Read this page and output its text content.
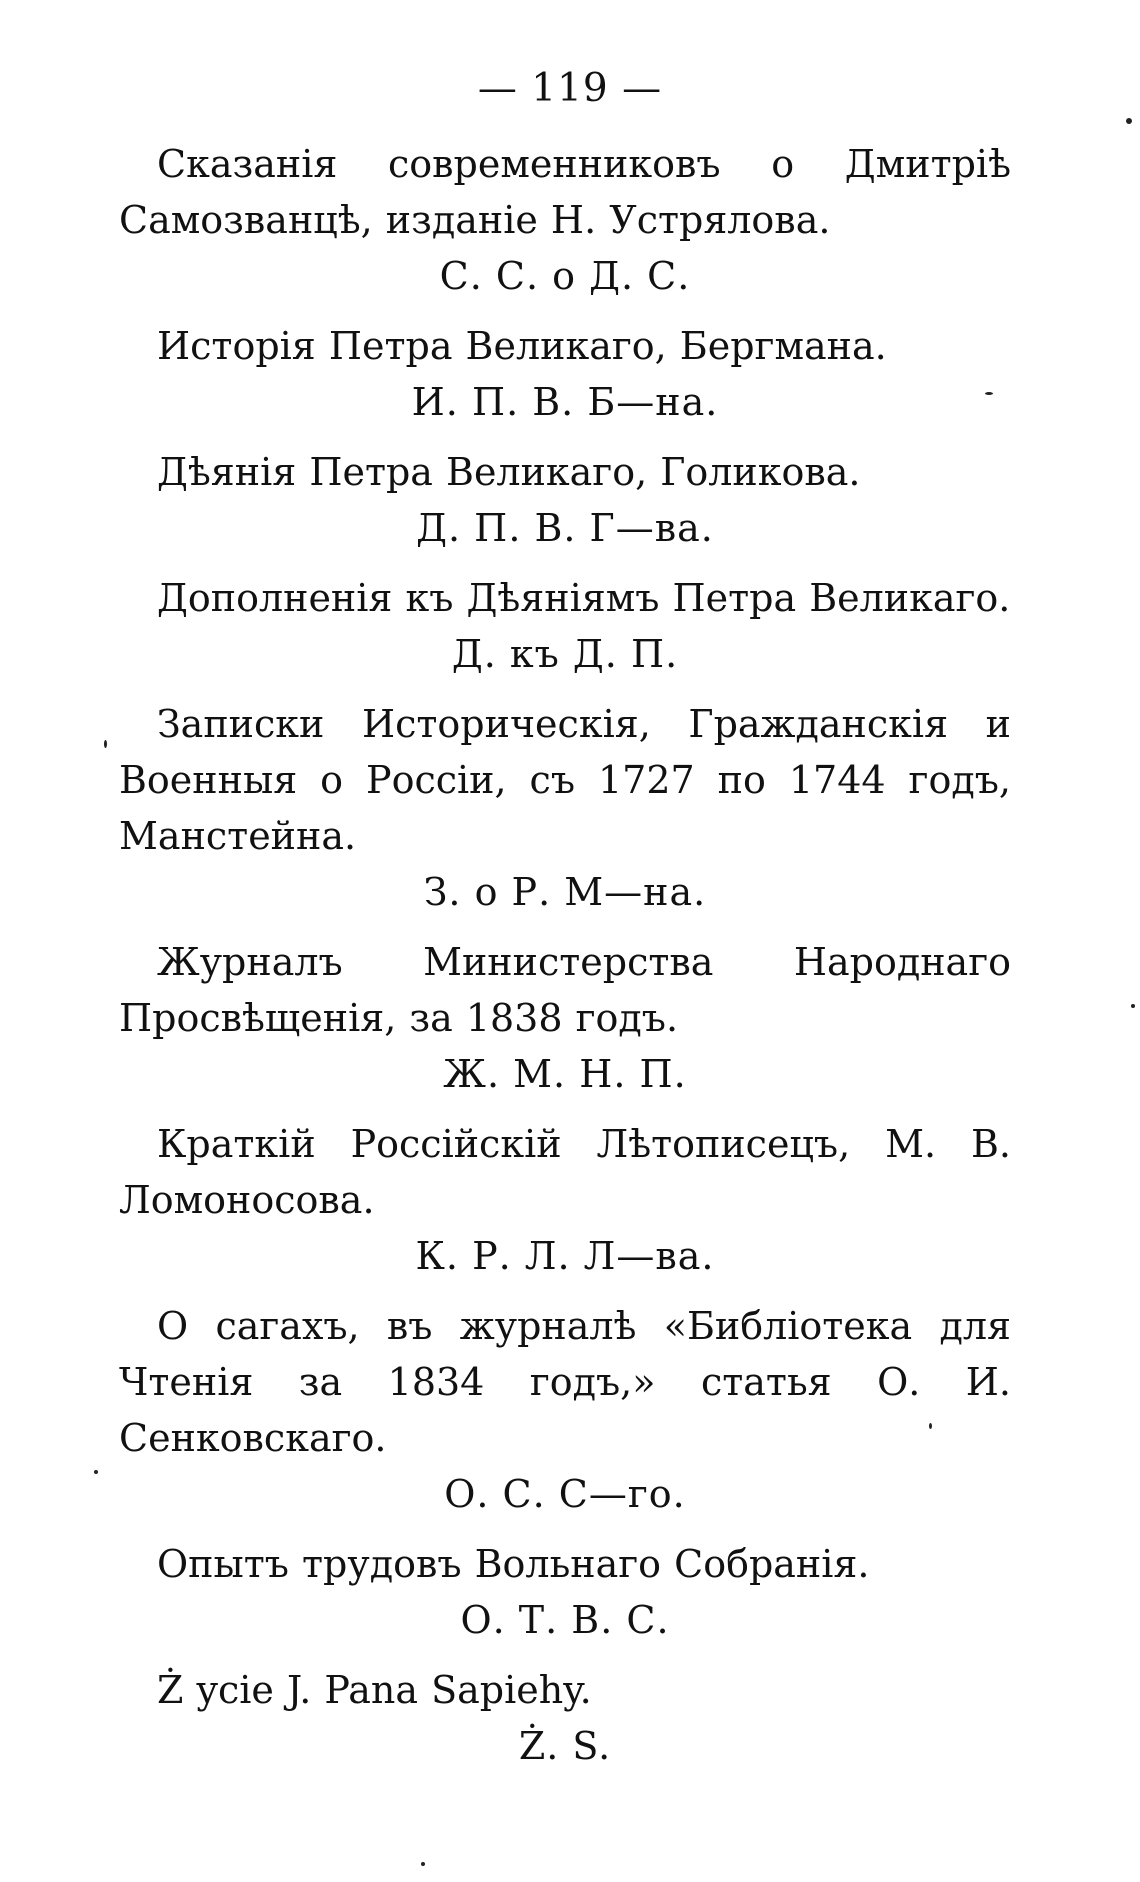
— 119 —

Сказанія современниковъ о Дмитріѣ Самозванцѣ, изданіе Н. Устрялова.

С. С. о Д. С.

Исторія Петра Великаго, Бергмана.

И. П. В. Б—на.

Дѣянія Петра Великаго, Голикова.

Д. П. В. Г—ва.

Дополненія къ Дѣяніямъ Петра Великаго.

Д. къ Д. П.

Записки Историческія, Гражданскія и Военныя о Россіи, съ 1727 по 1744 годъ, Манстейна.

З. о Р. М—на.

Журналъ Министерства Народнаго Просвѣщенія, за 1838 годъ.

Ж. М. Н. П.

Краткій Россійскій Лѣтописецъ, М. В. Ломоносова.

К. Р. Л. Л—ва.

О сагахъ, въ журналѣ «Библіотека для Чтенія за 1834 годъ,» статья О. И. Сенковскаго.

О. С. С—го.

Опытъ трудовъ Вольнаго Собранія.

О. Т. В. С.

Ż ycie J. Pana Sapiehy.

Ż. S.
